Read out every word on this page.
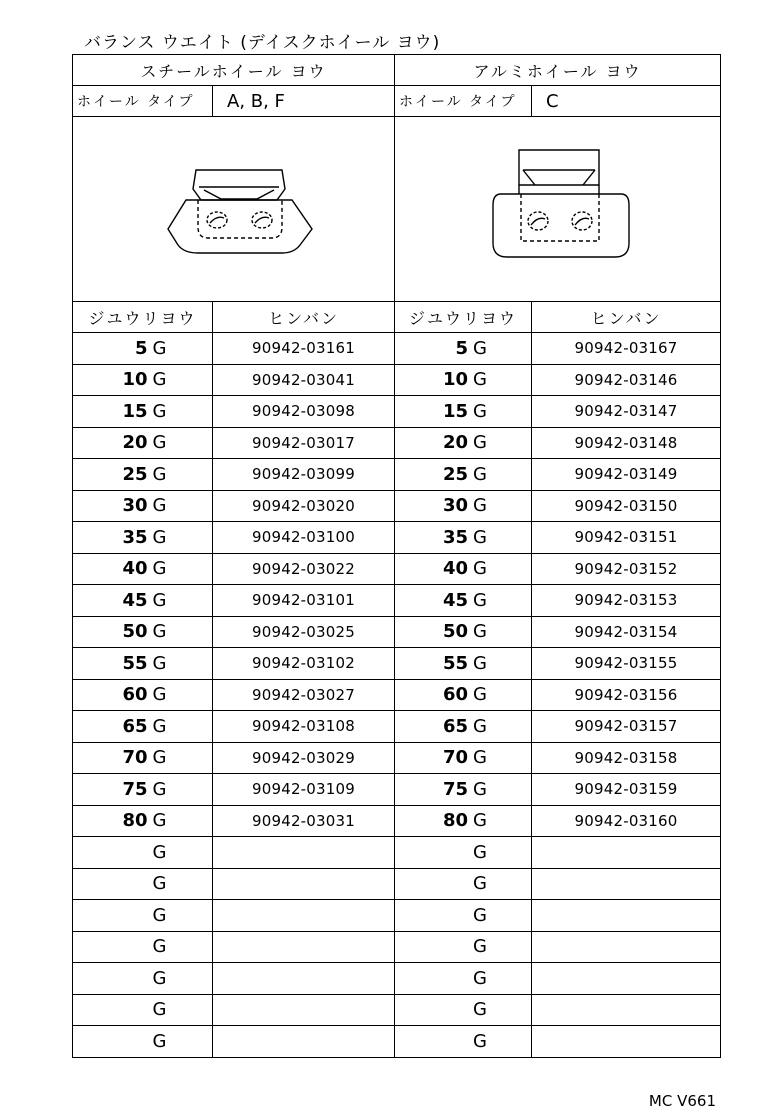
バランス ウエイト (デイスクホイール ヨウ)
スチールホイール ヨウ		アルミホイール ヨウ	
ホイール タイプ	A, B, F	ホイール タイプ	C

ジユウリヨウ	ヒンバン	ジユウリヨウ	ヒンバン
5 G	90942-03161	5 G	90942-03167
10 G	90942-03041	10 G	90942-03146
15 G	90942-03098	15 G	90942-03147
20 G	90942-03017	20 G	90942-03148
25 G	90942-03099	25 G	90942-03149
30 G	90942-03020	30 G	90942-03150
35 G	90942-03100	35 G	90942-03151
40 G	90942-03022	40 G	90942-03152
45 G	90942-03101	45 G	90942-03153
50 G	90942-03025	50 G	90942-03154
55 G	90942-03102	55 G	90942-03155
60 G	90942-03027	60 G	90942-03156
65 G	90942-03108	65 G	90942-03157
70 G	90942-03029	70 G	90942-03158
75 G	90942-03109	75 G	90942-03159
80 G	90942-03031	80 G	90942-03160
G		G	
G		G	
G		G	
G		G	
G		G	
G		G	
G		G	
MC V661
